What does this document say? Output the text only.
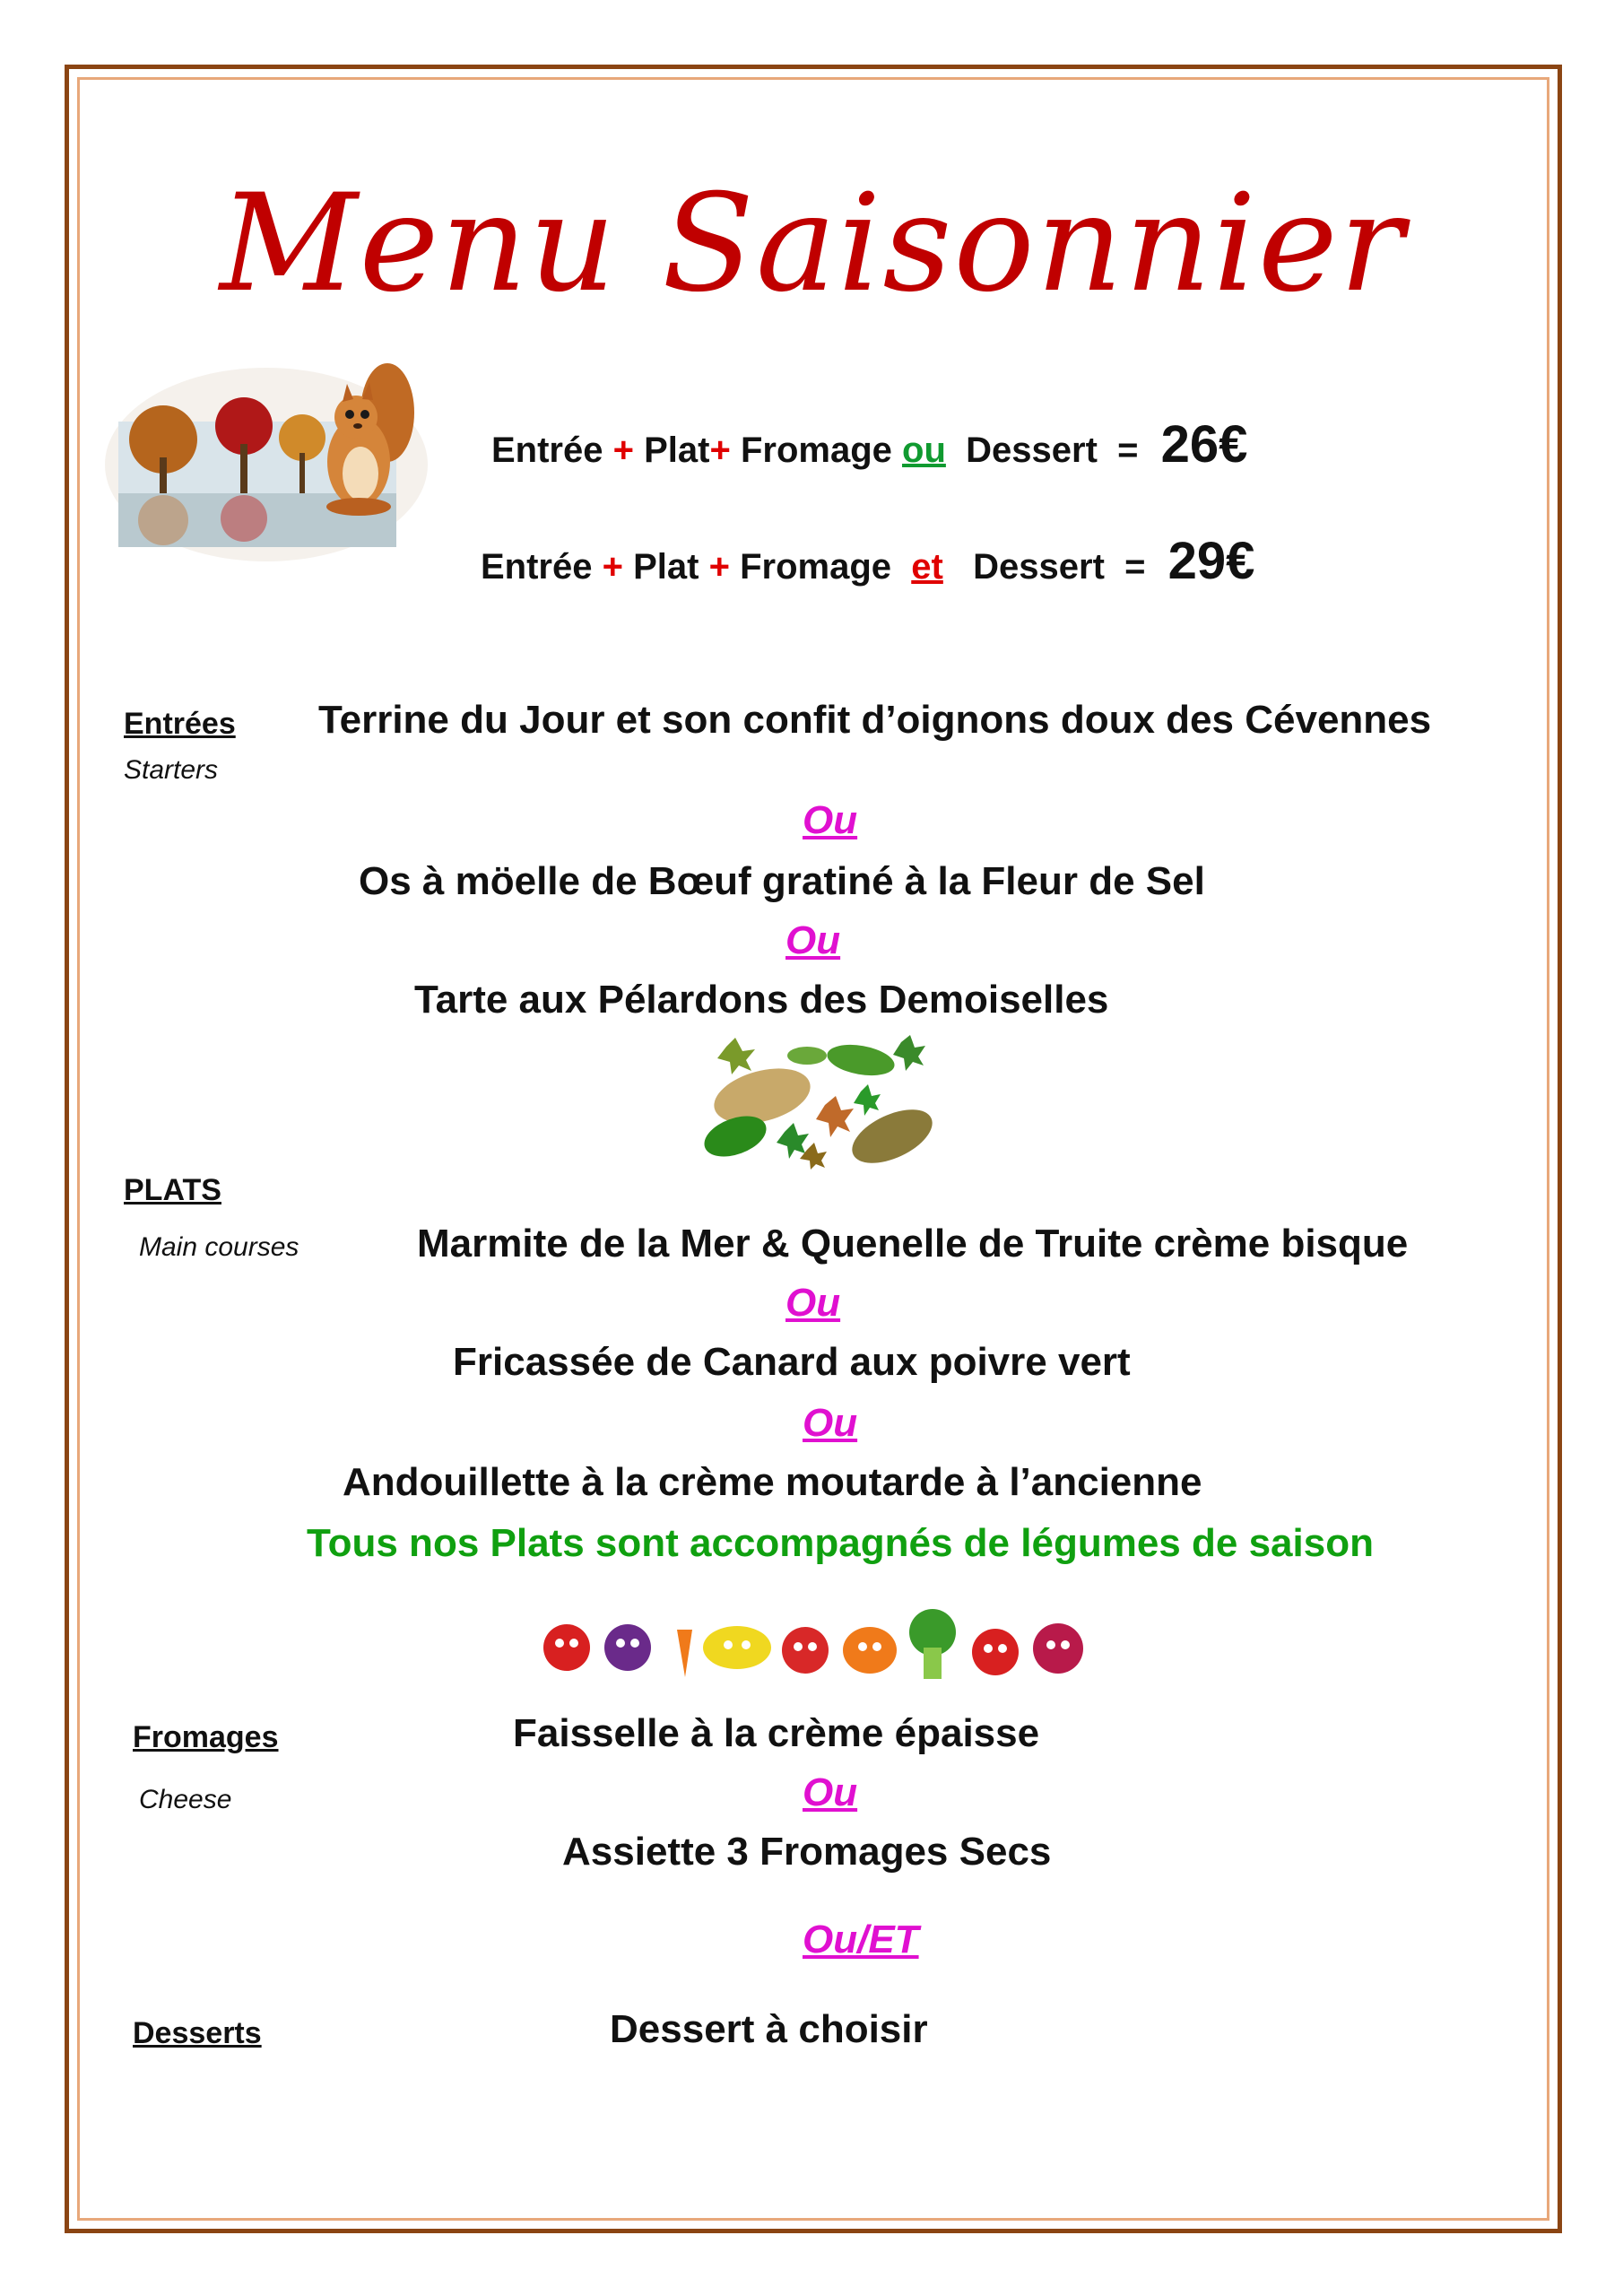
Menu Saisonnier
Entrée + Plat+ Fromage ou Dessert = 26€
Entrée + Plat + Fromage et Dessert = 29€
Entrées
Starters
Terrine du Jour et son confit d’oignons doux des Cévennes
Ou
Os à möelle de Bœuf gratiné à la Fleur de Sel
Ou
Tarte aux Pélardons des Demoiselles
PLATS
Main courses	Marmite de la Mer & Quenelle de Truite crème bisque
Ou
Fricassée de Canard aux poivre vert
Ou
Andouillette à la crème moutarde à l’ancienne
Tous nos Plats sont accompagnés de légumes de saison
Fromages
Cheese
Faisselle à la crème épaisse
Ou
Assiette 3 Fromages Secs
Ou/ET
Desserts	Dessert à choisir
